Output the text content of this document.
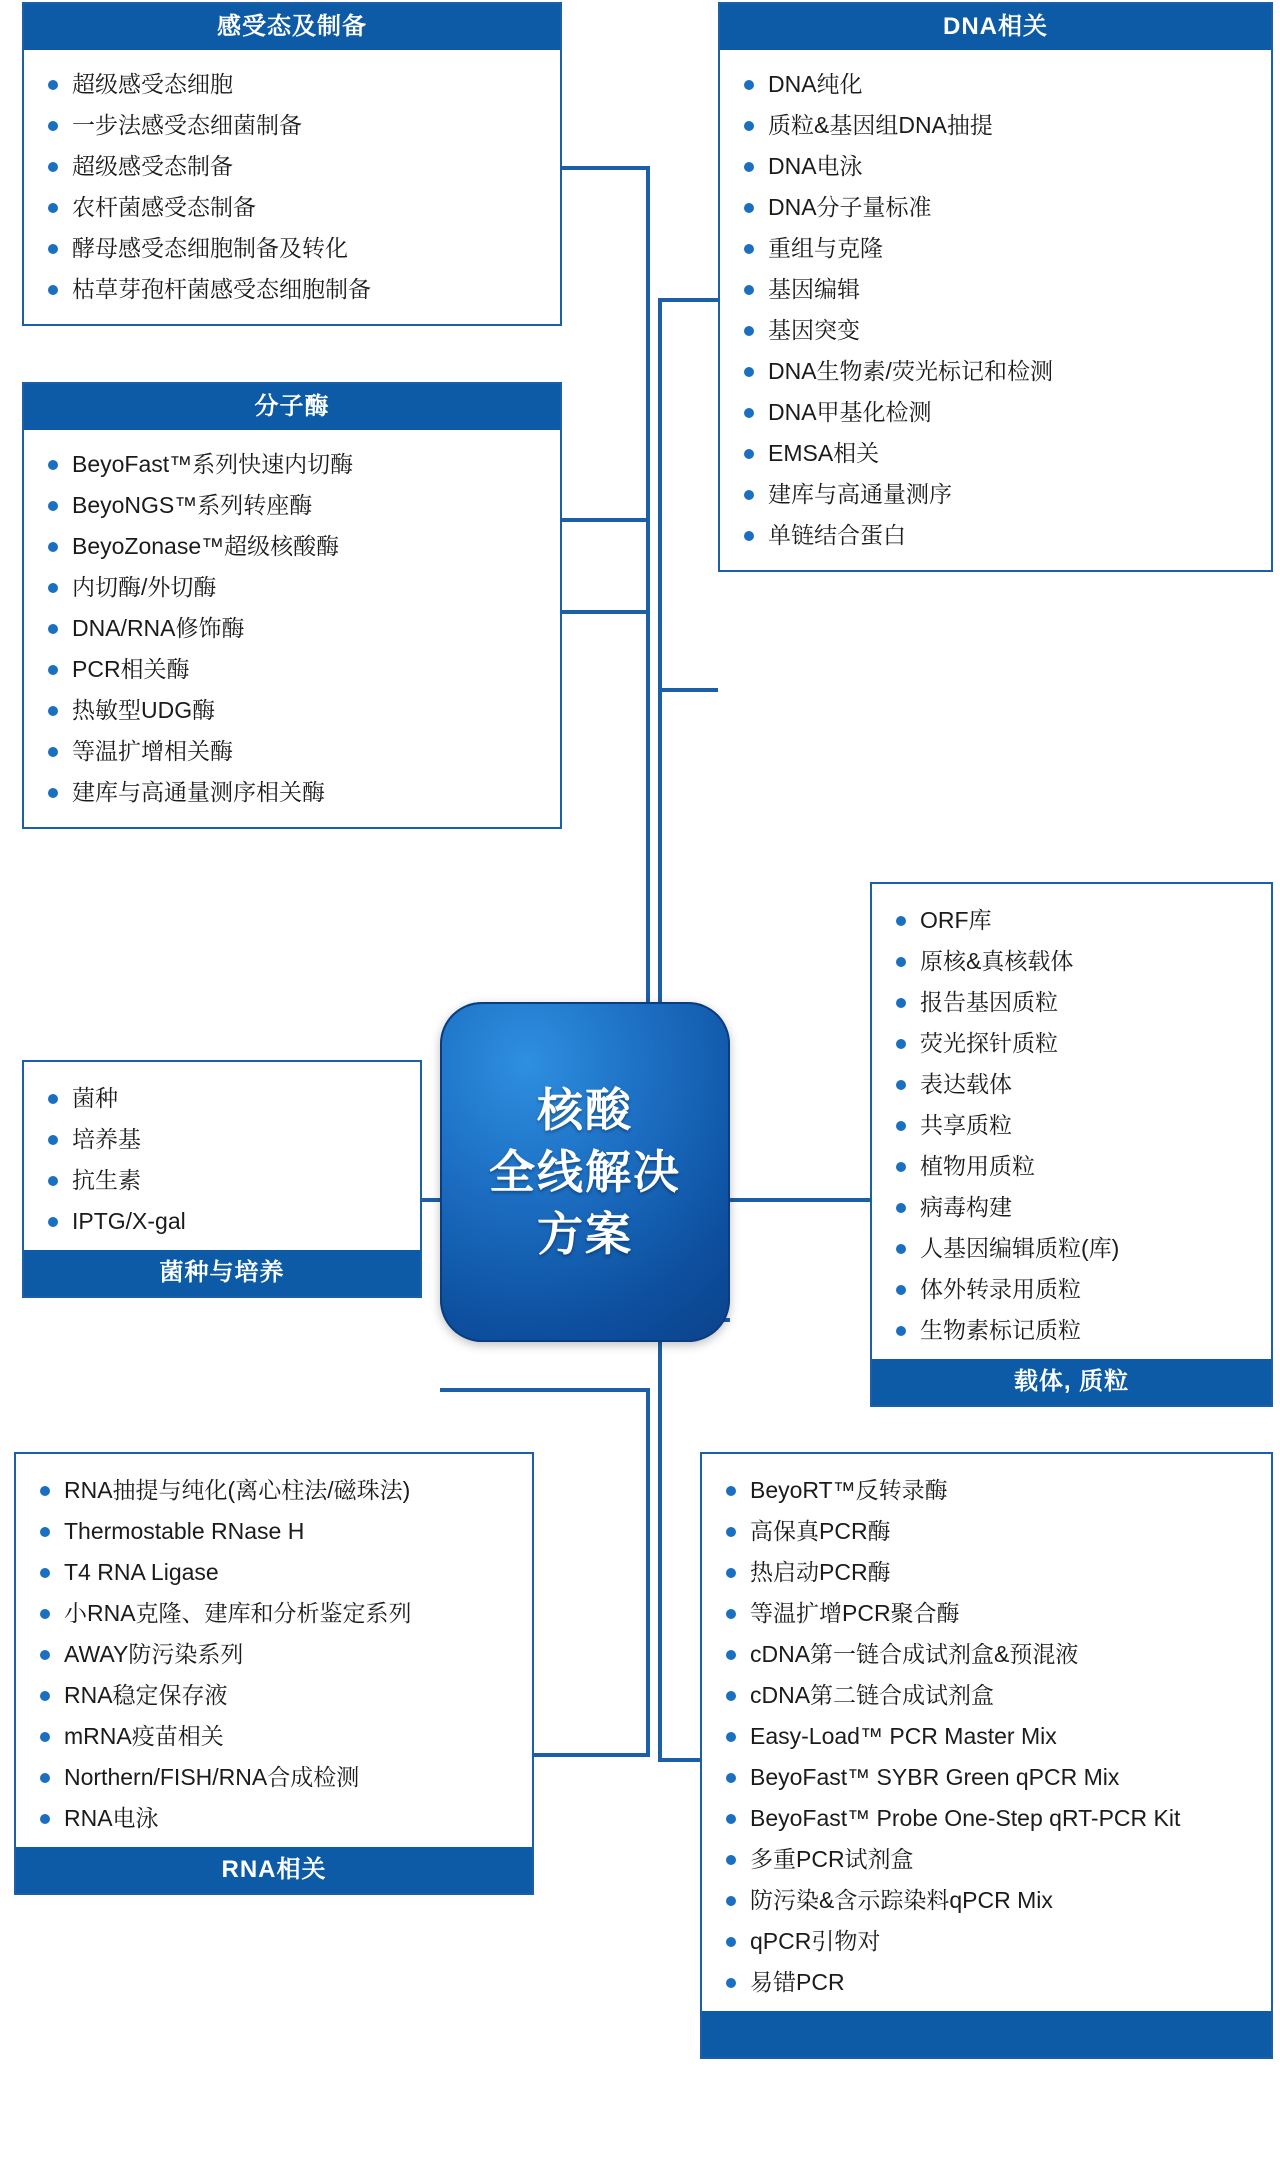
核酸
全线解决
方案
感受态及制备
超级感受态细胞
一步法感受态细菌制备
超级感受态制备
农杆菌感受态制备
酵母感受态细胞制备及转化
枯草芽孢杆菌感受态细胞制备
分子酶
BeyoFast™系列快速内切酶
BeyoNGS™系列转座酶
BeyoZonase™超级核酸酶
内切酶/外切酶
DNA/RNA修饰酶
PCR相关酶
热敏型UDG酶
等温扩增相关酶
建库与高通量测序相关酶
菌种
培养基
抗生素
IPTG/X-gal
菌种与培养
RNA抽提与纯化(离心柱法/磁珠法)
Thermostable RNase H
T4 RNA Ligase
小RNA克隆、建库和分析鉴定系列
AWAY防污染系列
RNA稳定保存液
mRNA疫苗相关
Northern/FISH/RNA合成检测
RNA电泳
RNA相关
DNA相关
DNA纯化
质粒&基因组DNA抽提
DNA电泳
DNA分子量标准
重组与克隆
基因编辑
基因突变
DNA生物素/荧光标记和检测
DNA甲基化检测
EMSA相关
建库与高通量测序
单链结合蛋白
ORF库
原核&真核载体
报告基因质粒
荧光探针质粒
表达载体
共享质粒
植物用质粒
病毒构建
人基因编辑质粒(库)
体外转录用质粒
生物素标记质粒
载体, 质粒
BeyoRT™反转录酶
高保真PCR酶
热启动PCR酶
等温扩增PCR聚合酶
cDNA第一链合成试剂盒&预混液
cDNA第二链合成试剂盒
Easy-Load™ PCR Master Mix
BeyoFast™ SYBR Green qPCR Mix
BeyoFast™ Probe One-Step qRT-PCR Kit
多重PCR试剂盒
防污染&含示踪染料qPCR Mix
qPCR引物对
易错PCR
